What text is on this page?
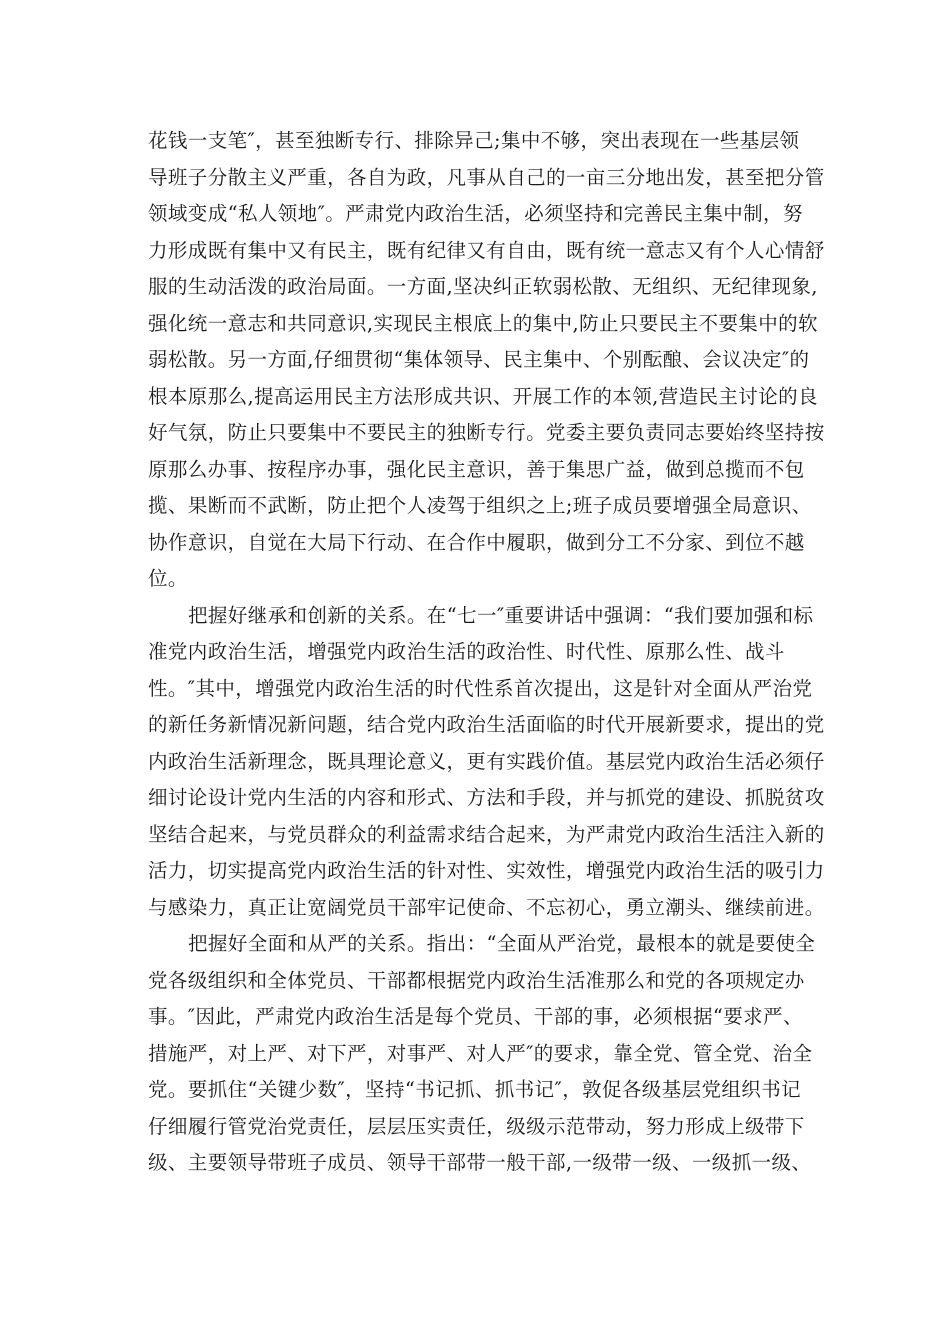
花钱一支笔″，甚至独断专行、排除异己;集中不够，突出表现在一些基层领
导班子分散主义严重，各自为政，凡事从自己的一亩三分地出发，甚至把分管
领域变成“私人领地″。严肃党内政治生活，必须坚持和完善民主集中制，努
力形成既有集中又有民主，既有纪律又有自由，既有统一意志又有个人心情舒
服的生动活泼的政治局面。一方面,坚决纠正软弱松散、无组织、无纪律现象,
强化统一意志和共同意识,实现民主根底上的集中,防止只要民主不要集中的软
弱松散。另一方面,仔细贯彻“集体领导、民主集中、个别酝酿、会议决定″的
根本原那么,提高运用民主方法形成共识、开展工作的本领,营造民主讨论的良
好气氛，防止只要集中不要民主的独断专行。党委主要负责同志要始终坚持按
原那么办事、按程序办事，强化民主意识，善于集思广益，做到总揽而不包
揽、果断而不武断，防止把个人凌驾于组织之上;班子成员要增强全局意识、
协作意识，自觉在大局下行动、在合作中履职，做到分工不分家、到位不越
位。
把握好继承和创新的关系。在“七一″重要讲话中强调：“我们要加强和标
准党内政治生活，增强党内政治生活的政治性、时代性、原那么性、战斗
性。″其中，增强党内政治生活的时代性系首次提出，这是针对全面从严治党
的新任务新情况新问题，结合党内政治生活面临的时代开展新要求，提出的党
内政治生活新理念，既具理论意义，更有实践价值。基层党内政治生活必须仔
细讨论设计党内生活的内容和形式、方法和手段，并与抓党的建设、抓脱贫攻
坚结合起来，与党员群众的利益需求结合起来，为严肃党内政治生活注入新的
活力，切实提高党内政治生活的针对性、实效性，增强党内政治生活的吸引力
与感染力，真正让宽阔党员干部牢记使命、不忘初心，勇立潮头、继续前进。
把握好全面和从严的关系。指出：“全面从严治党，最根本的就是要使全
党各级组织和全体党员、干部都根据党内政治生活准那么和党的各项规定办
事。″因此，严肃党内政治生活是每个党员、干部的事，必须根据“要求严、
措施严，对上严、对下严，对事严、对人严″的要求，靠全党、管全党、治全
党。要抓住“关键少数″，坚持“书记抓、抓书记″，敦促各级基层党组织书记
仔细履行管党治党责任，层层压实责任，级级示范带动，努力形成上级带下
级、主要领导带班子成员、领导干部带一般干部,一级带一级、一级抓一级、
